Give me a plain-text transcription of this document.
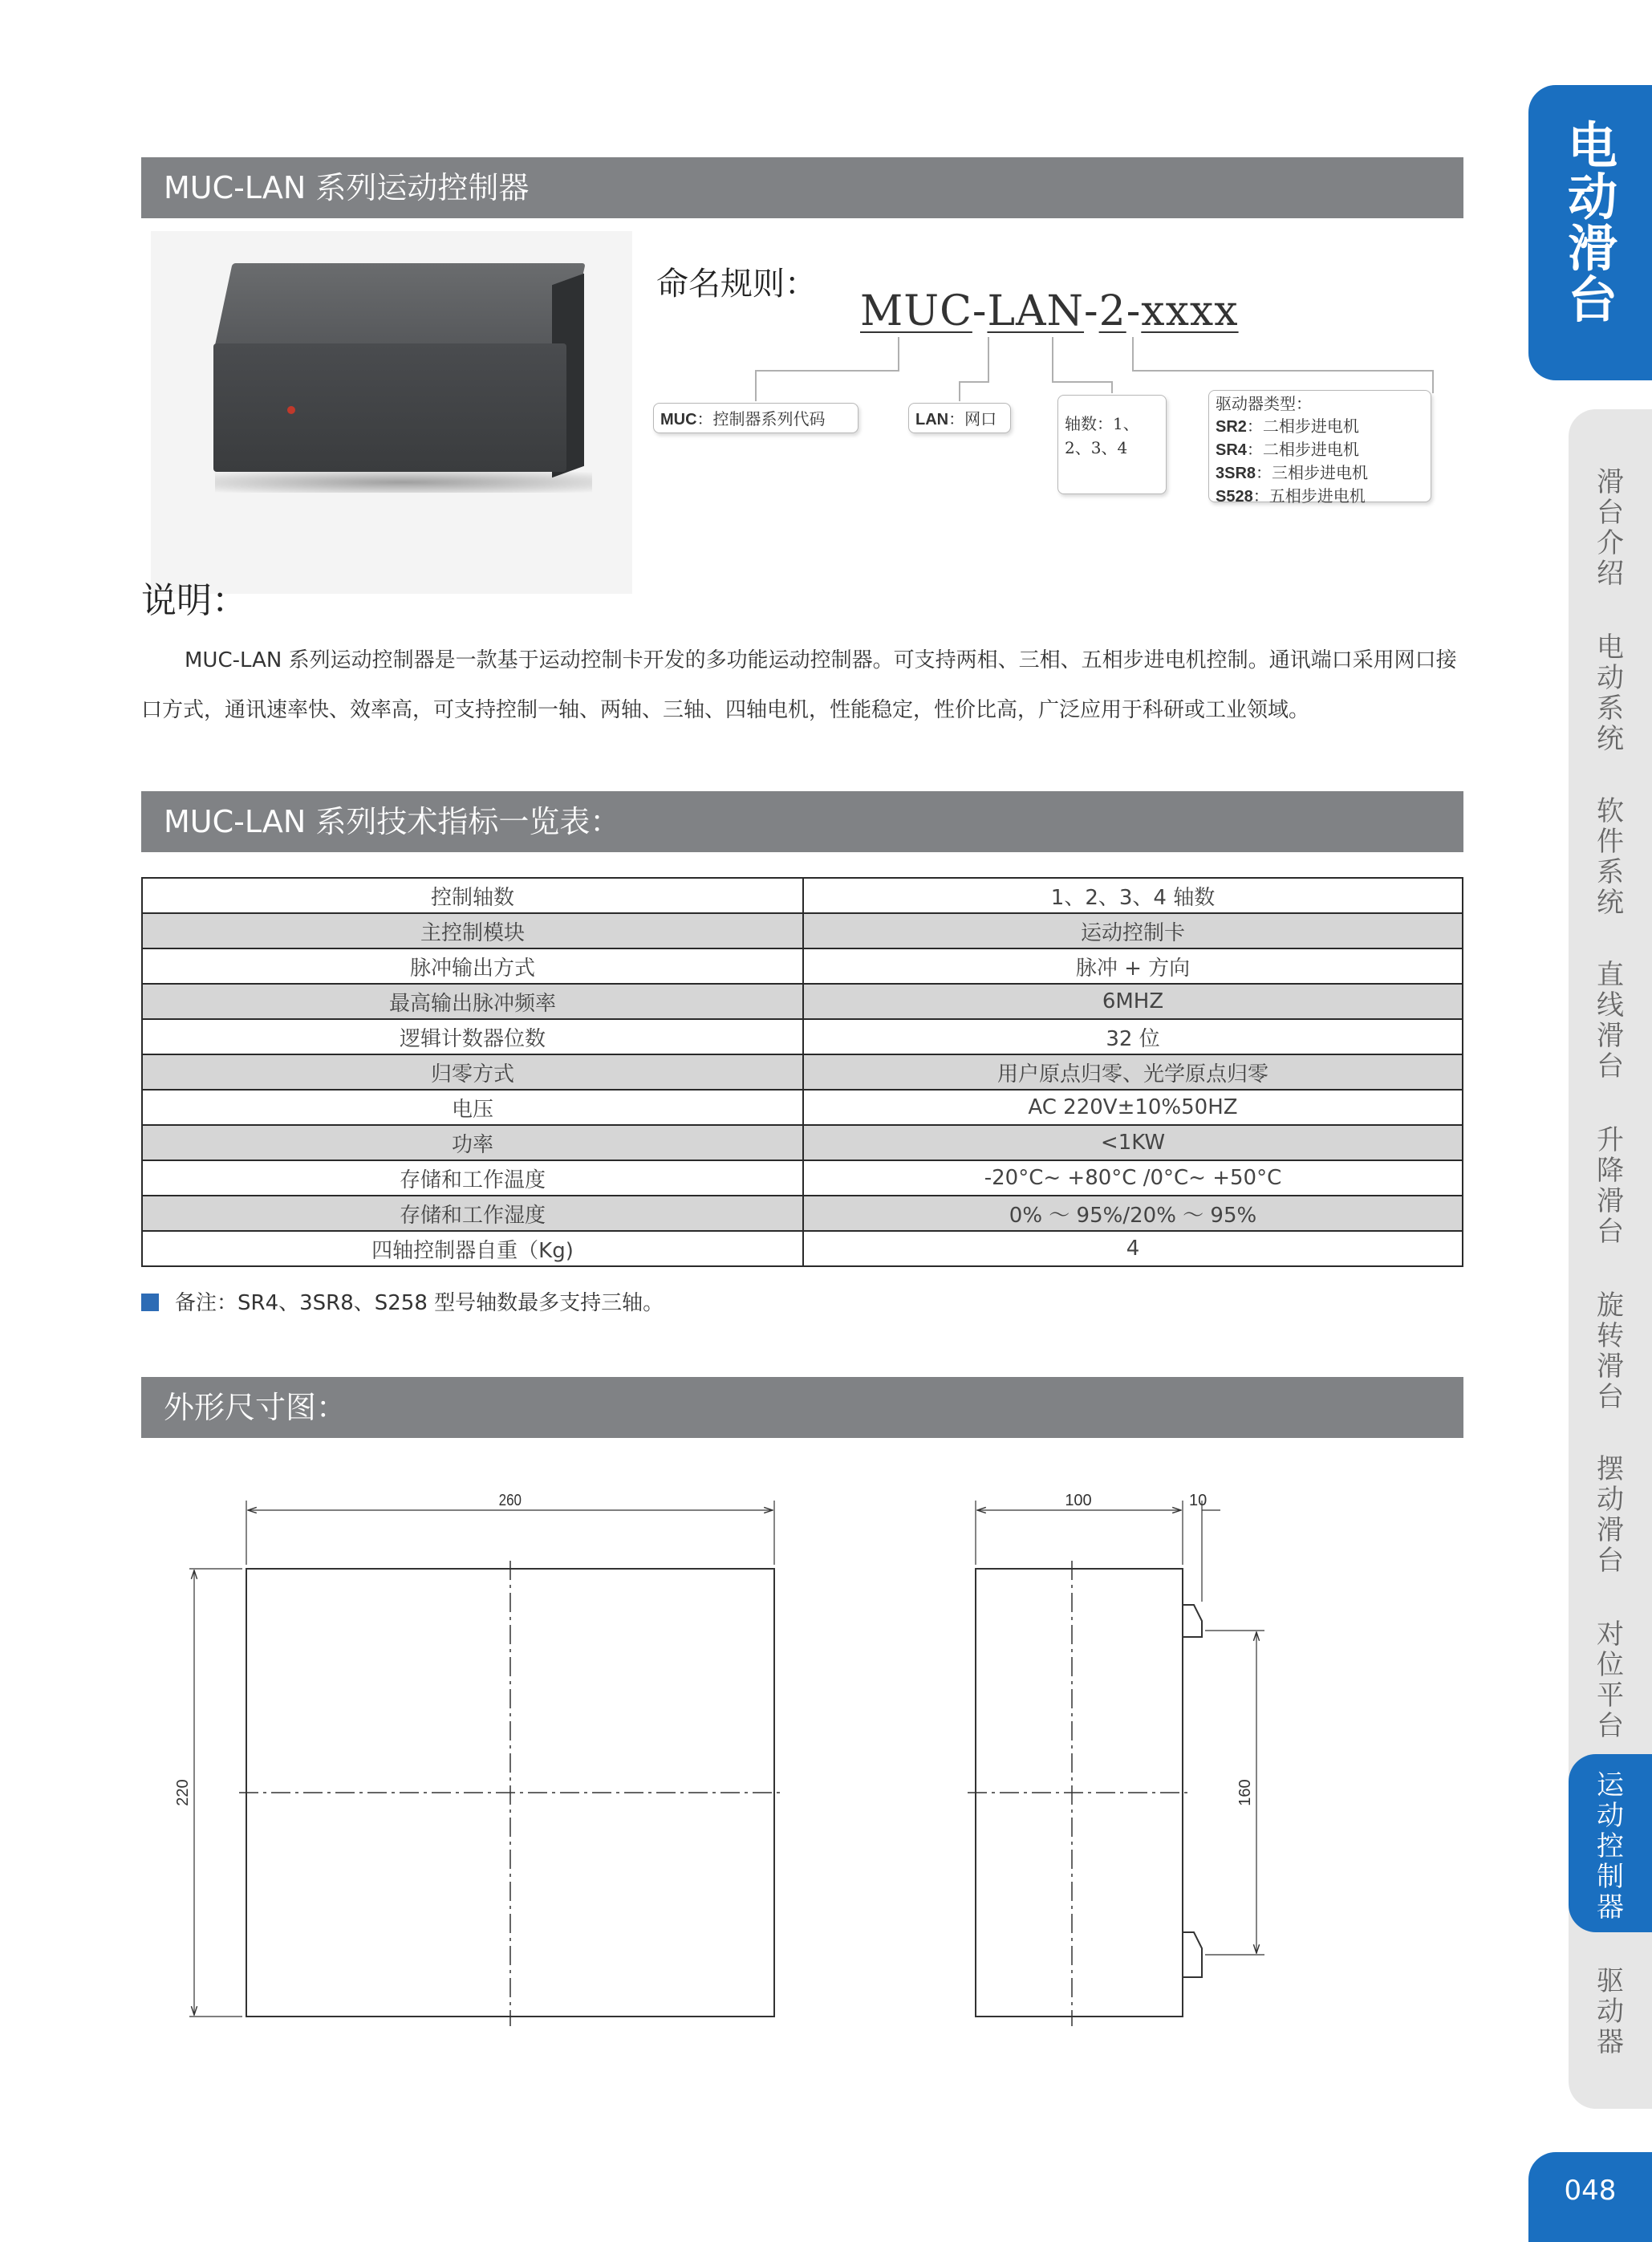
MUC-LAN 系列运动控制器
命名规则：
MUC-LAN-2-xxxx
MUC：控制器系列代码	LAN：网口	轴数：1、
2、3、4
驱动器类型：
SR2：二相步进电机
SR4：二相步进电机
3SR8：三相步进电机
S528：五相步进电机
说明：

MUC-LAN 系列运动控制器是一款基于运动控制卡开发的多功能运动控制器。可支持两相、三相、五相步进电机控制。通讯端口采用网口接口方式，通讯速率快、效率高，可支持控制一轴、两轴、三轴、四轴电机，性能稳定，性价比高，广泛应用于科研或工业领域。

MUC-LAN 系列技术指标一览表：
控制轴数	1、2、3、4 轴数
主控制模块	运动控制卡
脉冲输出方式	脉冲 + 方向
最高输出脉冲频率	6MHZ
逻辑计数器位数	32 位
归零方式	用户原点归零、光学原点归零
电压	AC 220V±10%50HZ
功率	<1KW
存储和工作温度	-20°C~ +80°C /0°C~ +50°C
存储和工作湿度	0% ～ 95%/20% ～ 95%
四轴控制器自重（Kg)	4
备注：SR4、3SR8、S258 型号轴数最多支持三轴。
外形尺寸图：
260
220
100	10
160
电动滑台
滑台介绍
电动系统
软件系统
直线滑台
升降滑台
旋转滑台
摆动滑台
对位平台
运动控制器
驱动器
048
